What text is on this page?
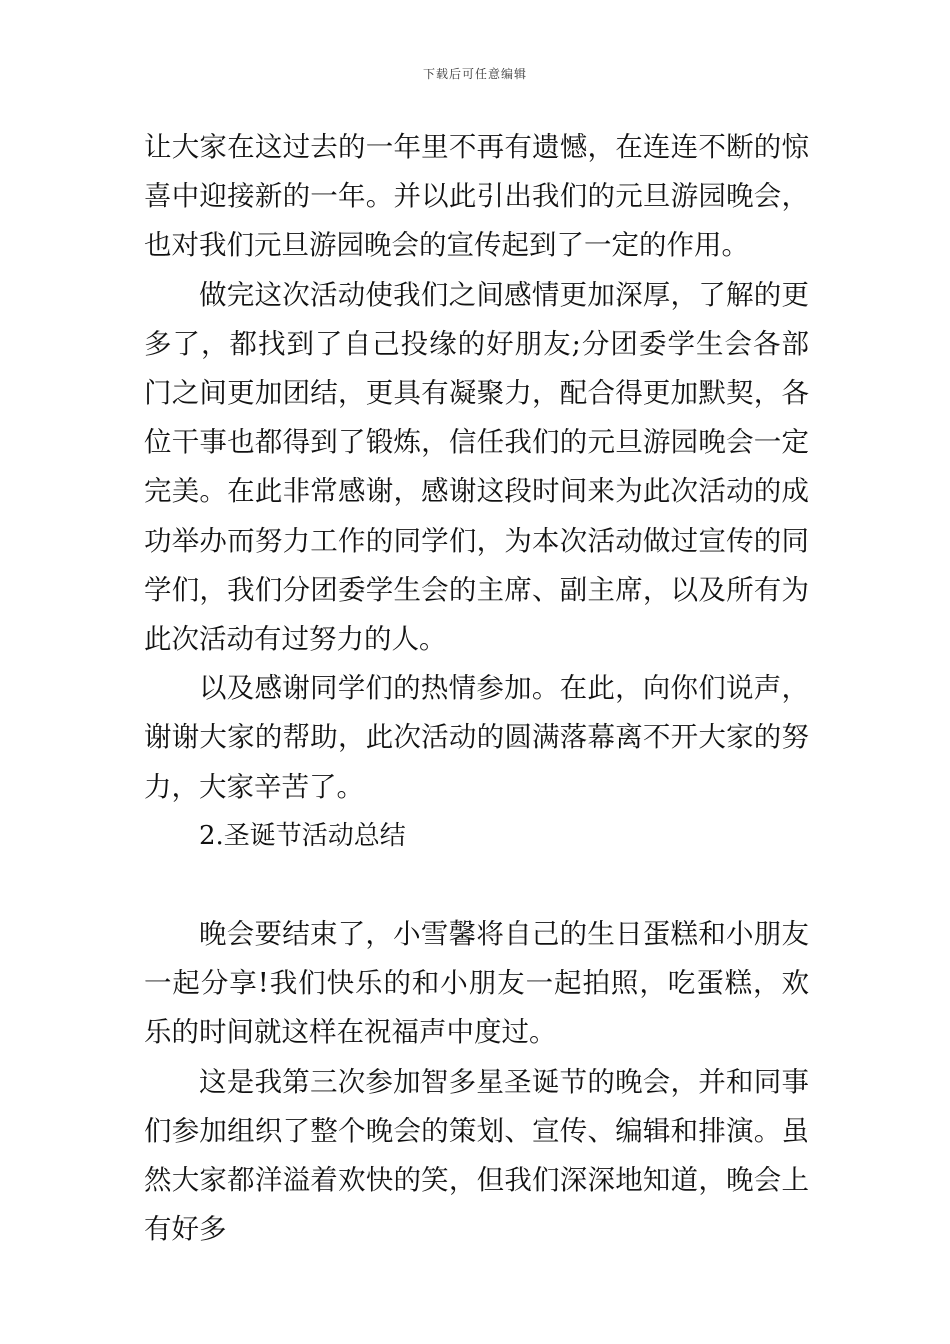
下载后可任意编辑

让大家在这过去的一年里不再有遗憾，在连连不断的惊喜中迎接新的一年。并以此引出我们的元旦游园晚会，也对我们元旦游园晚会的宣传起到了一定的作用。

做完这次活动使我们之间感情更加深厚，了解的更多了，都找到了自己投缘的好朋友;分团委学生会各部门之间更加团结，更具有凝聚力，配合得更加默契，各位干事也都得到了锻炼，信任我们的元旦游园晚会一定完美。在此非常感谢，感谢这段时间来为此次活动的成功举办而努力工作的同学们，为本次活动做过宣传的同学们，我们分团委学生会的主席、副主席，以及所有为此次活动有过努力的人。

以及感谢同学们的热情参加。在此，向你们说声，谢谢大家的帮助，此次活动的圆满落幕离不开大家的努力，大家辛苦了。

2.圣诞节活动总结

晚会要结束了，小雪馨将自己的生日蛋糕和小朋友一起分享!我们快乐的和小朋友一起拍照，吃蛋糕，欢乐的时间就这样在祝福声中度过。

这是我第三次参加智多星圣诞节的晚会，并和同事们参加组织了整个晚会的策划、宣传、编辑和排演。虽然大家都洋溢着欢快的笑，但我们深深地知道，晚会上有好多
